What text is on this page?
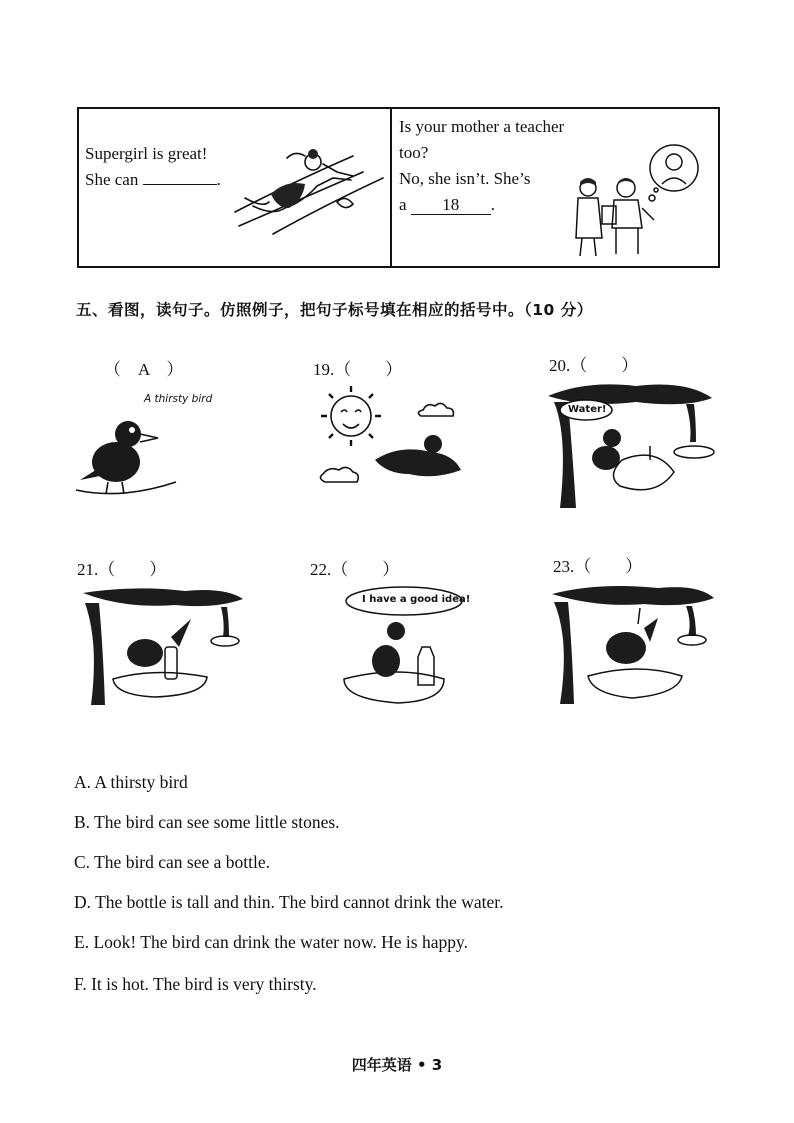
Supergirl is great!
She can	.
Is your mother a teacher
too?
No, she isn’t. She’s
a 18 .
五、看图，读句子。仿照例子，把句子标号填在相应的括号中。（10 分）
（　A　）	19.（　　）	20.（　　）
A thirsty bird
Water!
21.（　　）	22.（　　）	23.（　　）
I have a good idea!
A. A thirsty bird
B. The bird can see some little stones.
C. The bird can see a bottle.
D. The bottle is tall and thin. The bird cannot drink the water.
E. Look! The bird can drink the water now. He is happy.
F. It is hot. The bird is very thirsty.
四年英语 • 3
